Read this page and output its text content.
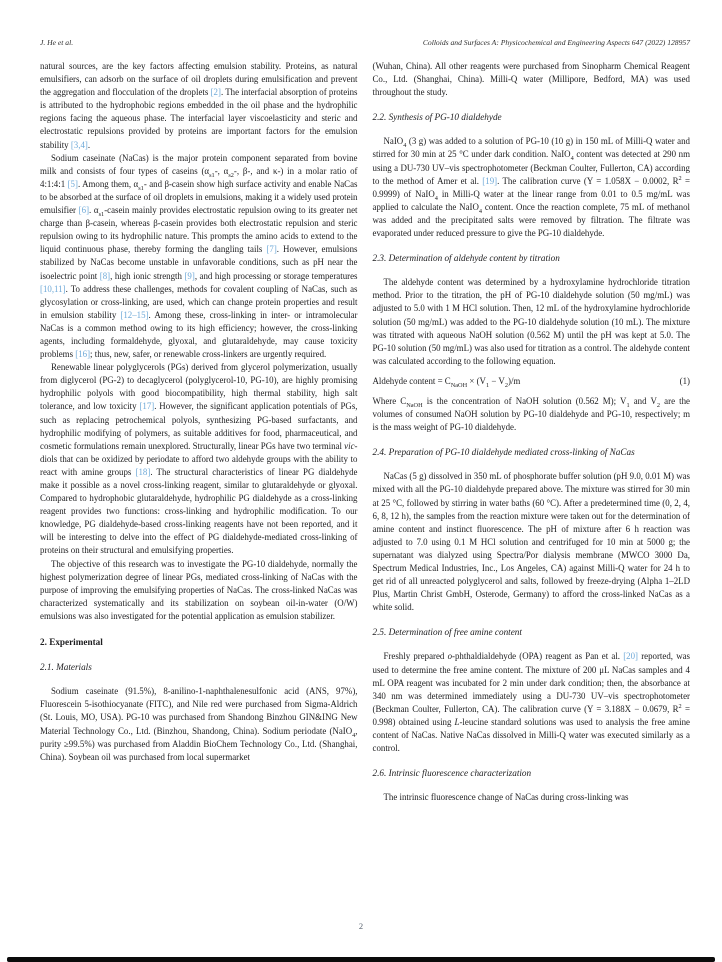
J. He et al.	Colloids and Surfaces A: Physicochemical and Engineering Aspects 647 (2022) 128957

natural sources, are the key factors affecting emulsion stability. Proteins, as natural emulsifiers, can adsorb on the surface of oil droplets during emulsification and prevent the aggregation and flocculation of the droplets [2]. The interfacial absorption of proteins is attributed to the hydrophobic regions embedded in the oil phase and the hydrophilic regions facing the aqueous phase. The interfacial layer viscoelasticity and steric and electrostatic repulsions provided by proteins are important factors for the emulsion stability [3,4].

Sodium caseinate (NaCas) is the major protein component separated from bovine milk and consists of four types of caseins ($\alpha_{s1}-$, $\alpha_{s2}-$, β-, and κ-) in a molar ratio of 4:1:4:1 [5]. Among them, $\alpha_{s1}-$ and β-casein show high surface activity and enable NaCas to be absorbed at the surface of oil droplets in emulsions, making it a widely used protein emulsifier [6]. $\alpha_{s1}$-casein mainly provides electrostatic repulsion owing to its greater net charge than β-casein, whereas β-casein provides both electrostatic repulsion and steric repulsion owing to its hydrophilic nature. This prompts the amino acids to extend to the liquid continuous phase, thereby forming the dangling tails [7]. However, emulsions stabilized by NaCas become unstable in unfavorable conditions, such as pH near the isoelectric point [8], high ionic strength [9], and high processing or storage temperatures [10,11]. To address these challenges, methods for covalent coupling of NaCas, such as glycosylation or cross-linking, are used, which can change protein properties and result in emulsion stability [12–15]. Among these, cross-linking in inter- or intramolecular NaCas is a common method owing to its high efficiency; however, the cross-linking agents, including formaldehyde, glyoxal, and glutaraldehyde, may cause toxicity problems [16]; thus, new, safer, or renewable cross-linkers are urgently required.

Renewable linear polyglycerols (PGs) derived from glycerol polymerization, usually from diglycerol (PG-2) to decaglycerol (polyglycerol-10, PG-10), are highly promising hydrophilic polyols with good biocompatibility, high thermal stability, high salt tolerance, and low toxicity [17]. However, the significant application potentials of PGs, such as replacing petrochemical polyols, synthesizing PG-based surfactants, and hydrophilic modifying of polymers, as suitable additives for food, pharmaceutical, and cosmetic formulations remain unexplored. Structurally, linear PGs have two terminal vic-diols that can be oxidized by periodate to afford two aldehyde groups with the ability to react with amine groups [18]. The structural characteristics of linear PG dialdehyde make it possible as a novel cross-linking reagent, similar to glutaraldehyde or glyoxal. Compared to hydrophobic glutaraldehyde, hydrophilic PG dialdehyde as a cross-linking reagent provides two functions: cross-linking and hydrophilic modification. To our knowledge, PG dialdehyde-based cross-linking reagents have not been reported, and it will be interesting to delve into the effect of PG dialdehyde-mediated cross-linking of proteins on their structural and emulsifying properties.

The objective of this research was to investigate the PG-10 dialdehyde, normally the highest polymerization degree of linear PGs, mediated cross-linking of NaCas with the purpose of improving the emulsifying properties of NaCas. The cross-linked NaCas was characterized systematically and its stabilization on soybean oil-in-water (O/W) emulsions was also investigated for the potential application as emulsion stabilizer.

2. Experimental
2.1. Materials

Sodium caseinate (91.5%), 8-anilino-1-naphthalenesulfonic acid (ANS, 97%), Fluorescein 5-isothiocyanate (FITC), and Nile red were purchased from Sigma-Aldrich (St. Louis, MO, USA). PG-10 was purchased from Shandong Binzhou GIN&ING New Material Technology Co., Ltd. (Binzhou, Shandong, China). Sodium periodate (NaIO$_4$, purity ≥99.5%) was purchased from Aladdin BioChem Technology Co., Ltd. (Shanghai, China). Soybean oil was purchased from local supermarket

(Wuhan, China). All other reagents were purchased from Sinopharm Chemical Reagent Co., Ltd. (Shanghai, China). Milli-Q water (Millipore, Bedford, MA) was used throughout the study.

2.2. Synthesis of PG-10 dialdehyde

NaIO$_4$ (3 g) was added to a solution of PG-10 (10 g) in 150 mL of Milli-Q water and stirred for 30 min at 25 °C under dark condition. NaIO$_4$ content was detected at 290 nm using a DU-730 UV–vis spectrophotometer (Beckman Coulter, Fullerton, CA) according to the method of Amer et al. [19]. The calibration curve (Y = 1.058X − 0.0002, $R^2 = 0.9999$) of NaIO$_4$ in Milli-Q water at the linear range from 0.01 to 0.5 mg/mL was applied to calculate the NaIO$_4$ content. Once the reaction complete, 75 mL of methanol was added and the precipitated salts were removed by filtration. The filtrate was evaporated under reduced pressure to give the PG-10 dialdehyde.

2.3. Determination of aldehyde content by titration

The aldehyde content was determined by a hydroxylamine hydrochloride titration method. Prior to the titration, the pH of PG-10 dialdehyde solution (50 mg/mL) was adjusted to 5.0 with 1 M HCl solution. Then, 12 mL of the hydroxylamine hydrochloride solution (50 mg/mL) was added to the PG-10 dialdehyde solution (10 mL). The mixture was titrated with aqueous NaOH solution (0.562 M) until the pH was kept at 5.0. The PG-10 solution (50 mg/mL) was also used for titration as a control. The aldehyde content was calculated according to the following equation.

Aldehyde content = $C_{NaOH} \times (V_1 - V_2)/m$	(1)

Where $C_{NaOH}$ is the concentration of NaOH solution (0.562 M); $V_1$ and $V_2$ are the volumes of consumed NaOH solution by PG-10 dialdehyde and PG-10, respectively; m is the mass weight of PG-10 dialdehyde.

2.4. Preparation of PG-10 dialdehyde mediated cross-linking of NaCas

NaCas (5 g) dissolved in 350 mL of phosphorate buffer solution (pH 9.0, 0.01 M) was mixed with all the PG-10 dialdehyde prepared above. The mixture was stirred for 30 min at 25 °C, followed by stirring in water baths (60 °C). After a predetermined time (0, 2, 4, 6, 8, 12 h), the samples from the reaction mixture were taken out for the determination of amine content and instinct fluorescence. The pH of mixture after 6 h reaction was adjusted to 7.0 using 0.1 M HCl solution and centrifuged for 10 min at 5000 g; the supernatant was dialyzed using Spectra/Por dialysis membrane (MWCO 3000 Da, Spectrum Medical Industries, Inc., Los Angeles, CA) against Milli-Q water for 24 h to get rid of all unreacted polyglycerol and salts, followed by freeze-drying (Alpha 1–2LD Plus, Martin Christ GmbH, Osterode, Germany) to afford the cross-linked NaCas as a white solid.

2.5. Determination of free amine content

Freshly prepared o-phthaldialdehyde (OPA) reagent as Pan et al. [20] reported, was used to determine the free amine content. The mixture of 200 μL NaCas samples and 4 mL OPA reagent was incubated for 2 min under dark condition; then, the absorbance at 340 nm was determined immediately using a DU-730 UV–vis spectrophotometer (Beckman Coulter, Fullerton, CA). The calibration curve (Y = 3.188X − 0.0679, $R^2 = 0.998$) obtained using L-leucine standard solutions was used to analysis the free amine content of NaCas. Native NaCas dissolved in Milli-Q water was executed similarly as a control.

2.6. Intrinsic fluorescence characterization

The intrinsic fluorescence change of NaCas during cross-linking was

2
